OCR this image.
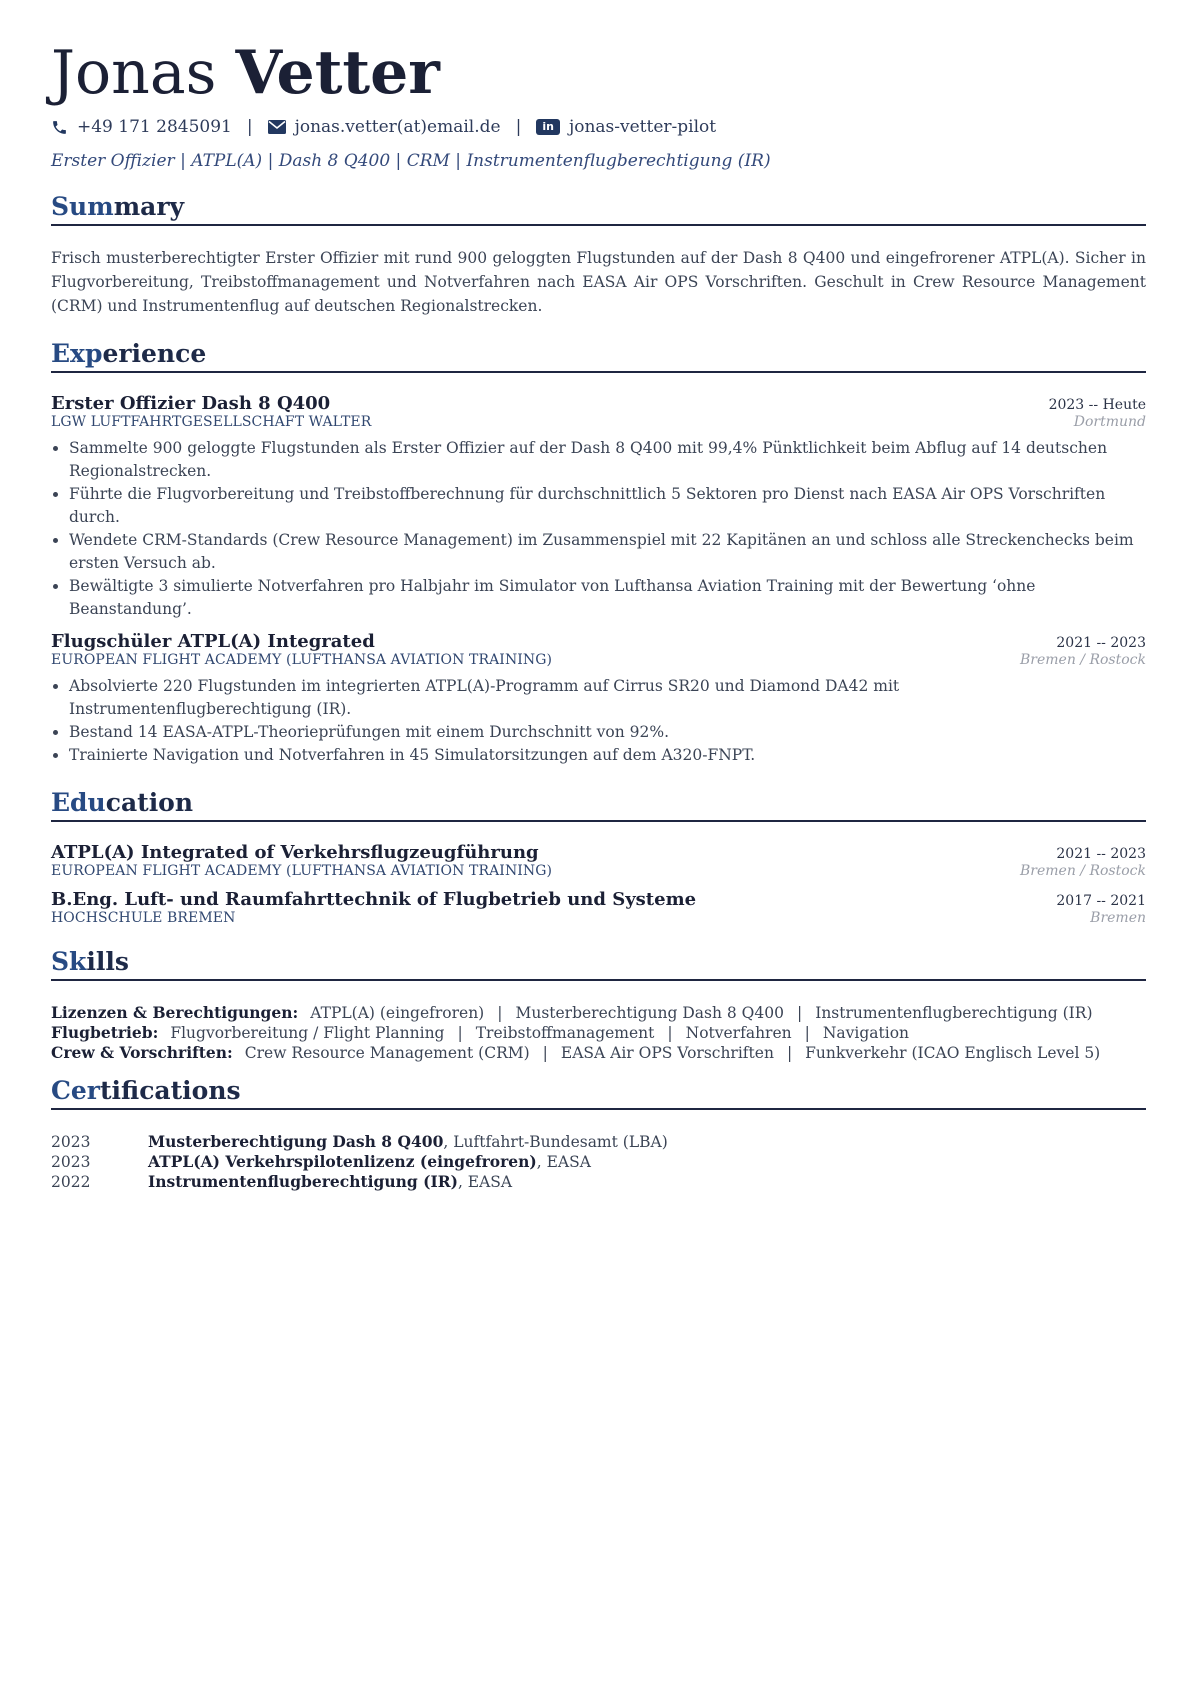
Jonas Vetter
+49 171 2845091 | jonas.vetter(at)email.de |	in jonas-vetter-pilot
Erster Offizier | ATPL(A) | Dash 8 Q400 | CRM | Instrumentenflugberechtigung (IR)
Summary
Frisch musterberechtigter Erster Offizier mit rund 900 geloggten Flugstunden auf der Dash 8 Q400 und eingefrorener ATPL(A). Sicher in Flugvorbereitung, Treibstoffmanagement und Notverfahren nach EASA Air OPS Vorschriften. Geschult in Crew Resource Management (CRM) und Instrumentenflug auf deutschen Regionalstrecken.
Experience
Erster Offizier Dash 8 Q400	2023 -- Heute
LGW LUFTFAHRTGESELLSCHAFT WALTER	Dortmund
• Sammelte 900 geloggte Flugstunden als Erster Offizier auf der Dash 8 Q400 mit 99,4% Pünktlichkeit beim Abflug auf 14 deutschen Regionalstrecken.
• Führte die Flugvorbereitung und Treibstoffberechnung für durchschnittlich 5 Sektoren pro Dienst nach EASA Air OPS Vorschriften durch.
• Wendete CRM-Standards (Crew Resource Management) im Zusammenspiel mit 22 Kapitänen an und schloss alle Streckenchecks beim ersten Versuch ab.
• Bewältigte 3 simulierte Notverfahren pro Halbjahr im Simulator von Lufthansa Aviation Training mit der Bewertung ‘ohne Beanstandung’.
Flugschüler ATPL(A) Integrated	2021 -- 2023
EUROPEAN FLIGHT ACADEMY (LUFTHANSA AVIATION TRAINING)	Bremen / Rostock
• Absolvierte 220 Flugstunden im integrierten ATPL(A)-Programm auf Cirrus SR20 und Diamond DA42 mit Instrumentenflugberechtigung (IR).
• Bestand 14 EASA-ATPL-Theorieprüfungen mit einem Durchschnitt von 92%.
• Trainierte Navigation und Notverfahren in 45 Simulatorsitzungen auf dem A320-FNPT.
Education
ATPL(A) Integrated of Verkehrsflugzeugführung	2021 -- 2023
EUROPEAN FLIGHT ACADEMY (LUFTHANSA AVIATION TRAINING)	Bremen / Rostock
B.Eng. Luft- und Raumfahrttechnik of Flugbetrieb und Systeme	2017 -- 2021
HOCHSCHULE BREMEN	Bremen
Skills
Lizenzen & Berechtigungen: ATPL(A) (eingefroren) | Musterberechtigung Dash 8 Q400 | Instrumentenflugberechtigung (IR)
Flugbetrieb: Flugvorbereitung / Flight Planning | Treibstoffmanagement | Notverfahren | Navigation
Crew & Vorschriften: Crew Resource Management (CRM) | EASA Air OPS Vorschriften | Funkverkehr (ICAO Englisch Level 5)
Certifications
2023	Musterberechtigung Dash 8 Q400, Luftfahrt-Bundesamt (LBA)
2023	ATPL(A) Verkehrspilotenlizenz (eingefroren), EASA
2022	Instrumentenflugberechtigung (IR), EASA
